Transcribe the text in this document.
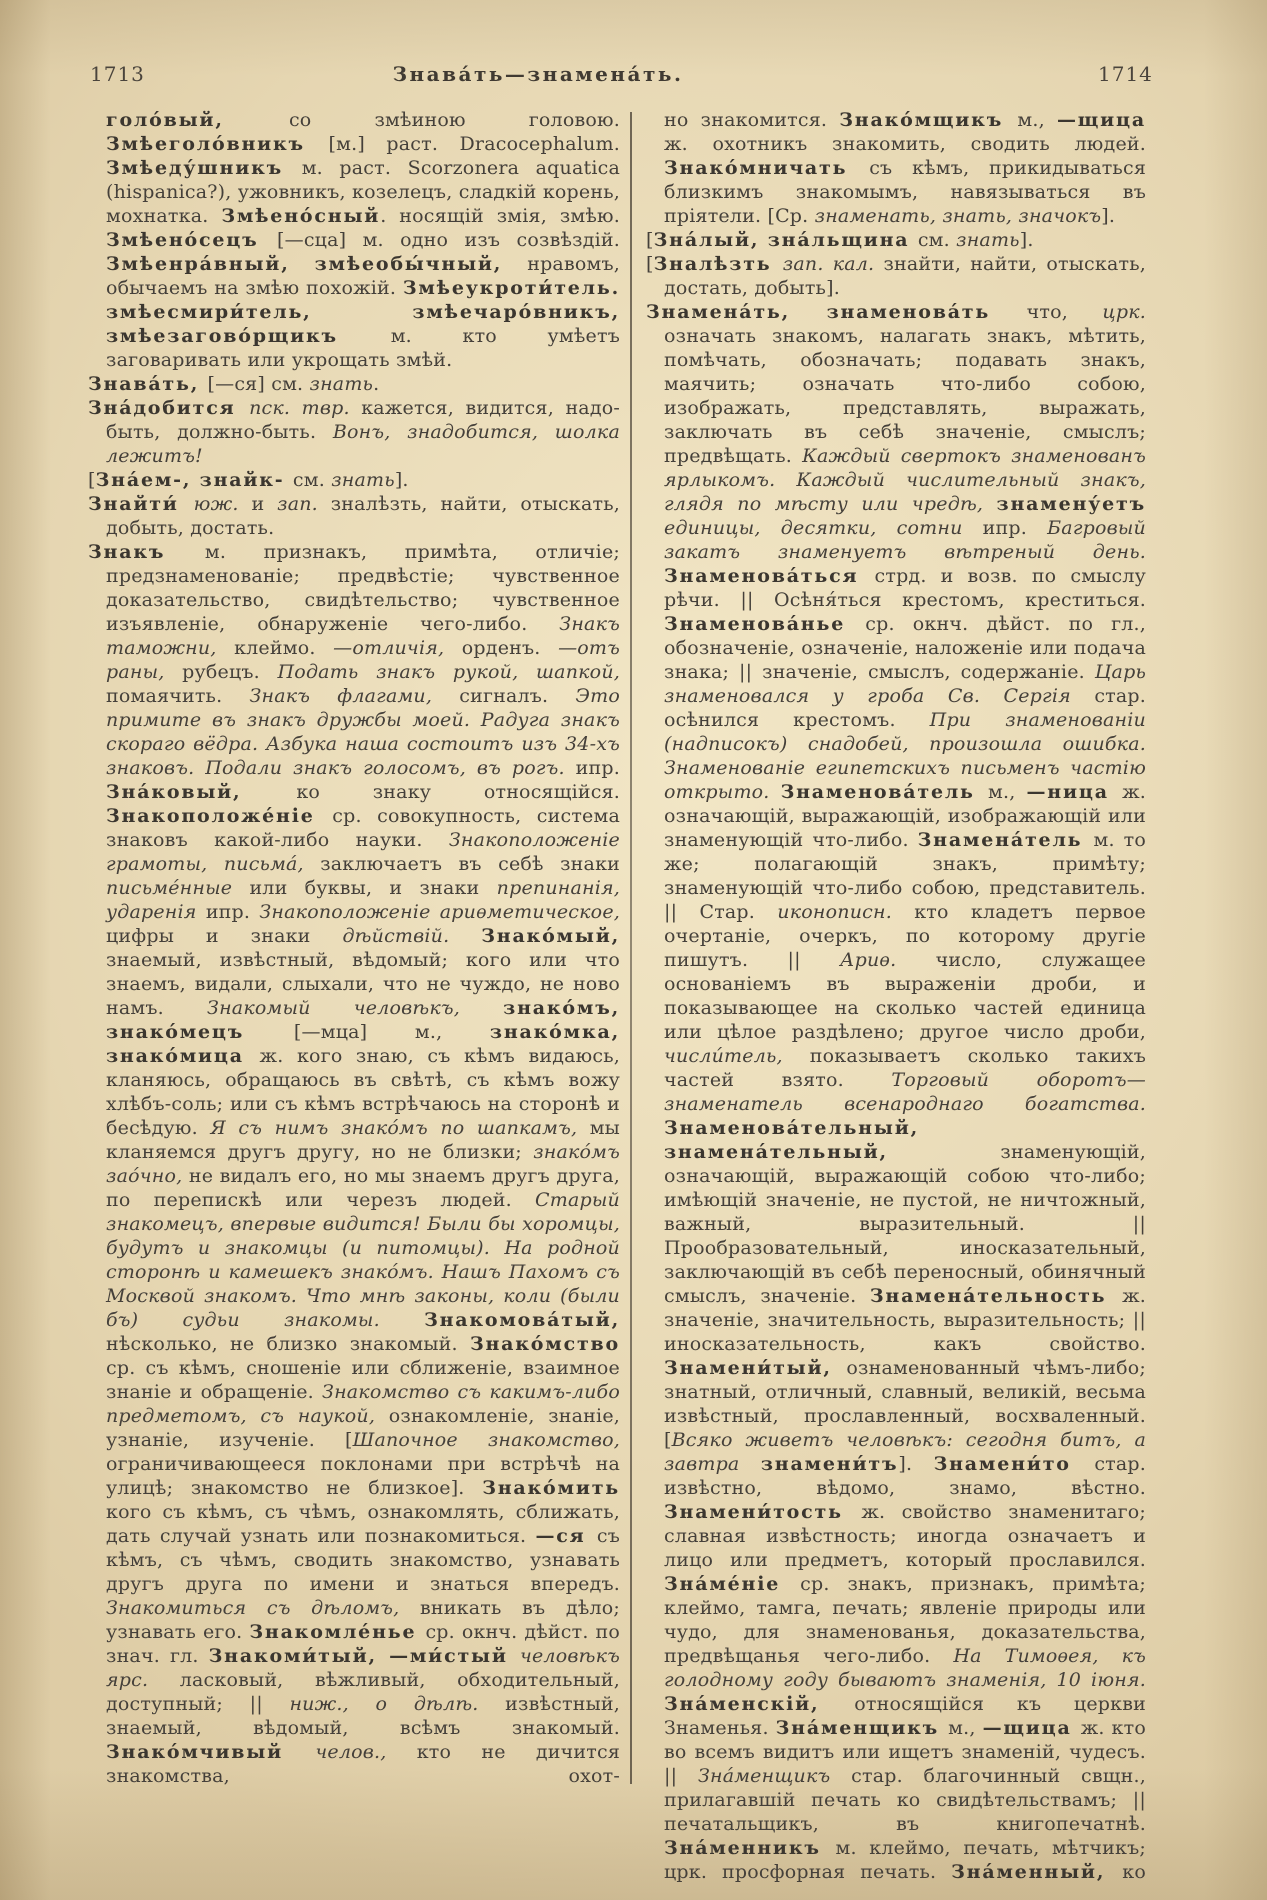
1713	Знава́ть—знамена́ть.	1714

голо́вый, со змѣиною головою. Змѣеголо́вникъ [м.] раст. Dracocephalum. Змѣеду́шникъ м. раст. Scorzonera aquatica (hispanica?), ужовникъ, козелецъ, сладкій корень, мохнатка. Змѣено́сный. носящій змія, змѣю. Змѣено́сецъ [—сца] м. одно изъ созвѣздій. Змѣенра́вный, змѣеобы́чный, нравомъ, обычаемъ на змѣю похожій. Змѣеукроти́тель. змѣесмири́тель, змѣечаро́вникъ, змѣезагово́рщикъ м. кто умѣетъ заговаривать или укрощать змѣй.

Знава́ть, [—ся] см. знать.

Зна́добится пск. твр. кажется, видится, надо-быть, должно-быть. Вонъ, знадобится, шолка лежитъ!

[Зна́ем-, знайк- см. знать].

Знайти́ юж. и зап. зналѣзть, найти, отыскать, добыть, достать.

Знакъ м. признакъ, примѣта, отличіе; предзнаменованіе; предвѣстіе; чувственное доказательство, свидѣтельство; чувственное изъявленіе, обнаруженіе чего-либо. Знакъ таможни, клеймо. —отличія, орденъ. —отъ раны, рубецъ. Подать знакъ рукой, шапкой, помаячить. Знакъ флагами, сигналъ. Это примите въ знакъ дружбы моей. Радуга знакъ скораго вёдра. Азбука наша состоитъ изъ 34-хъ знаковъ. Подали знакъ голосомъ, въ рогъ. ипр. Зна́ковый, ко знаку относящійся. Знакоположе́ніе ср. совокупность, система знаковъ какой-либо науки. Знакоположеніе грамоты, письма́, заключаетъ въ себѣ знаки письме́нные или буквы, и знаки препинанія, ударенія ипр. Знакоположеніе ариѳметическое, цифры и знаки дѣйствій. Знако́мый, знаемый, извѣстный, вѣдомый; кого или что знаемъ, видали, слыхали, что не чуждо, не ново намъ. Знакомый человѣкъ, знако́мъ, знако́мецъ [—мца] м., знако́мка, знако́мица ж. кого знаю, съ кѣмъ видаюсь, кланяюсь, обращаюсь въ свѣтѣ, съ кѣмъ вожу хлѣбъ-соль; или съ кѣмъ встрѣчаюсь на сторонѣ и бесѣдую. Я съ нимъ знако́мъ по шапкамъ, мы кланяемся другъ другу, но не близки; знако́мъ зао́чно, не видалъ его, но мы знаемъ другъ друга, по перепискѣ или черезъ людей. Старый знакомецъ, впервые видится! Были бы хоромцы, будутъ и знакомцы (и питомцы). На родной сторонѣ и камешекъ знако́мъ. Нашъ Пахомъ съ Москвой знакомъ. Что мнѣ законы, коли (были бъ) судьи знакомы. Знакомова́тый, нѣсколько, не близко знакомый. Знако́мство ср. съ кѣмъ, сношеніе или сближеніе, взаимное знаніе и обращеніе. Знакомство съ какимъ-либо предметомъ, съ наукой, ознакомленіе, знаніе, узнаніе, изученіе. [Шапочное знакомство, ограничивающееся поклонами при встрѣчѣ на улицѣ; знакомство не близкое]. Знако́мить кого съ кѣмъ, съ чѣмъ, ознакомлять, сближать, дать случай узнать или познакомиться. —ся съ кѣмъ, съ чѣмъ, сводить знакомство, узнавать другъ друга по имени и знаться впередъ. Знакомиться съ дѣломъ, вникать въ дѣло; узнавать его. Знакомле́нье ср. окнч. дѣйст. по знач. гл. Знакоми́тый, —ми́стый человѣкъ ярс. ласковый, вѣжливый, обходительный, доступный; || ниж., о дѣлѣ. извѣстный, знаемый, вѣдомый, всѣмъ знакомый. Знако́мчивый челов., кто не дичится знакомства, охот-

но знакомится. Знако́мщикъ м., —щица ж. охотникъ знакомить, сводить людей. Знако́мничать съ кѣмъ, прикидываться близкимъ знакомымъ, навязываться въ пріятели. [Ср. знаменать, знать, значокъ].

[Зна́лый, зна́льщина см. знать].

[Зналѣзть зап. кал. знайти, найти, отыскать, достать, добыть].

Знамена́ть, знаменова́ть что, црк. означать знакомъ, налагать знакъ, мѣтить, помѣчать, обозначать; подавать знакъ, маячить; означать что-либо собою, изображать, представлять, выражать, заключать въ себѣ значеніе, смыслъ; предвѣщать. Каждый свертокъ знаменованъ ярлыкомъ. Каждый числительный знакъ, глядя по мѣсту или чредѣ, знамену́етъ единицы, десятки, сотни ипр. Багровый закатъ знаменуетъ вѣтреный день. Знаменова́ться стрд. и возв. по смыслу рѣчи. || Осѣня́ться крестомъ, креститься. Знаменова́нье ср. окнч. дѣйст. по гл., обозначеніе, означеніе, наложеніе или подача знака; || значеніе, смыслъ, содержаніе. Царь знаменовался у гроба Св. Сергія стар. осѣнился крестомъ. При знаменованіи (надписокъ) снадобей, произошла ошибка. Знаменованіе египетскихъ письменъ частію открыто. Знаменова́тель м., —ница ж. означающій, выражающій, изображающій или знаменующій что-либо. Знамена́тель м. то же; полагающій знакъ, примѣту; знаменующій что-либо собою, представитель. || Стар. иконописн. кто кладетъ первое очертаніе, очеркъ, по которому другіе пишутъ. || Ариѳ. число, служащее основаніемъ въ выраженіи дроби, и показывающее на сколько частей единица или цѣлое раздѣлено; другое число дроби, числи́тель, показываетъ сколько такихъ частей взято. Торговый оборотъ—знаменатель всенароднаго богатства. Знаменова́тельный, знамена́тельный, знаменующій, означающій, выражающій собою что-либо; имѣющій значеніе, не пустой, не ничтожный, важный, выразительный. || Прообразовательный, иносказательный, заключающій въ себѣ переносный, обинячный смыслъ, значеніе. Знамена́тельность ж. значеніе, значительность, выразительность; || иносказательность, какъ свойство. Знамени́тый, ознаменованный чѣмъ-либо; знатный, отличный, славный, великій, весьма извѣстный, прославленный, восхваленный. [Всяко живетъ человѣкъ: сегодня битъ, а завтра знамени́тъ]. Знамени́то стар. извѣстно, вѣдомо, знамо, вѣстно. Знамени́тость ж. свойство знаменитаго; славная извѣстность; иногда означаетъ и лицо или предметъ, который прославился. Зна́ме́ніе ср. знакъ, признакъ, примѣта; клеймо, тамга, печать; явленіе природы или чудо, для знаменованья, доказательства, предвѣщанья чего-либо. На Тимоѳея, къ голодному году бываютъ знаменія, 10 іюня. Зна́менскій, относящійся къ церкви Знаменья. Зна́менщикъ м., —щица ж. кто во всемъ видитъ или ищетъ знаменій, чудесъ. || Зна́менщикъ стар. благочинный свщн., прилагавшій печать ко свидѣтельствамъ; || печатальщикъ, въ книгопечатнѣ. Зна́менникъ м. клеймо, печать, мѣтчикъ; црк. просфорная печать. Зна́менный, ко
